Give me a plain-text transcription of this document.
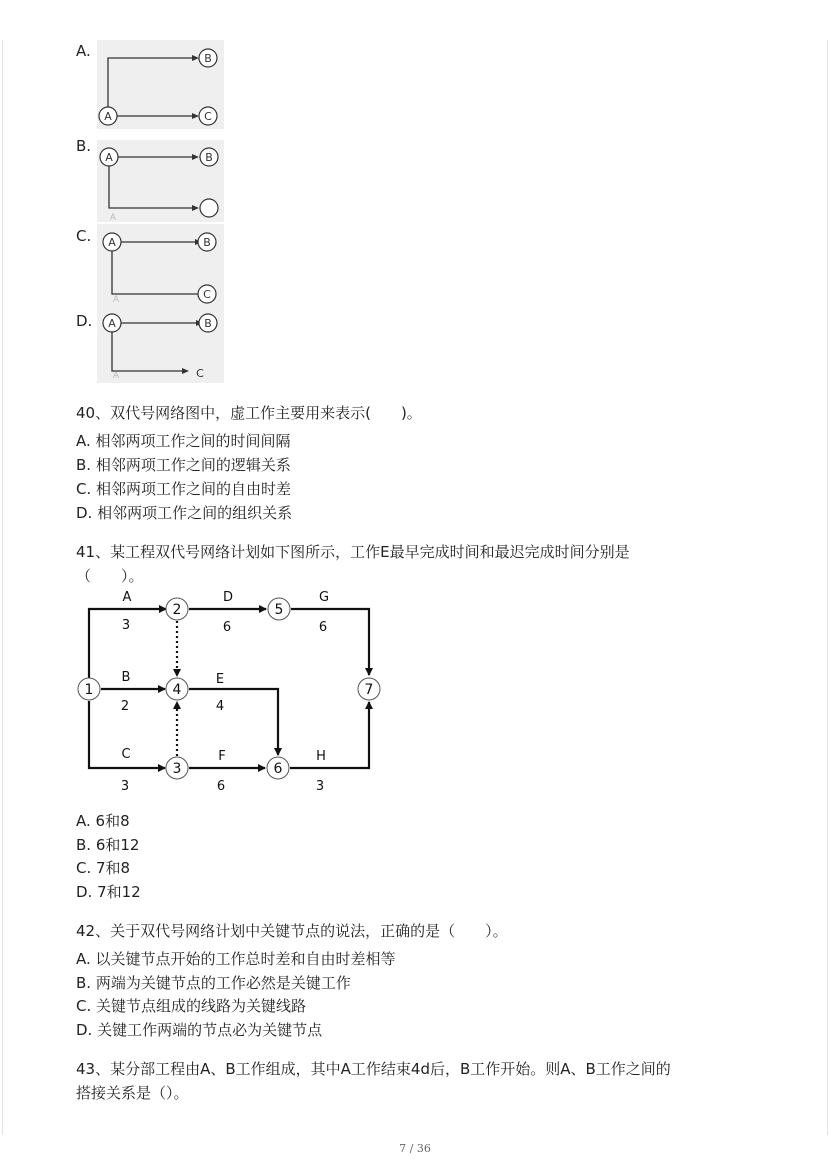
A.
A
B
C
B.
A	B
A
C. A	B
C
A
D. A	B
C
A
40、双代号网络图中，虚工作主要用来表示(　　)。
A. 相邻两项工作之间的时间间隔
B. 相邻两项工作之间的逻辑关系
C. 相邻两项工作之间的自由时差
D. 相邻两项工作之间的组织关系
41、某工程双代号网络计划如下图所示，工作E最早完成时间和最迟完成时间分别是
（　　）。
1
2
3
4
5
6
7
A
3
B
2
C
3
D
6
E
4
F
6
G
6
H
3
A. 6和8
B. 6和12
C. 7和8
D. 7和12
42、关于双代号网络计划中关键节点的说法，正确的是（　　）。
A. 以关键节点开始的工作总时差和自由时差相等
B. 两端为关键节点的工作必然是关键工作
C. 关键节点组成的线路为关键线路
D. 关键工作两端的节点必为关键节点
43、某分部工程由A、B工作组成，其中A工作结束4d后，B工作开始。则A、B工作之间的
搭接关系是（）。
7 / 36
